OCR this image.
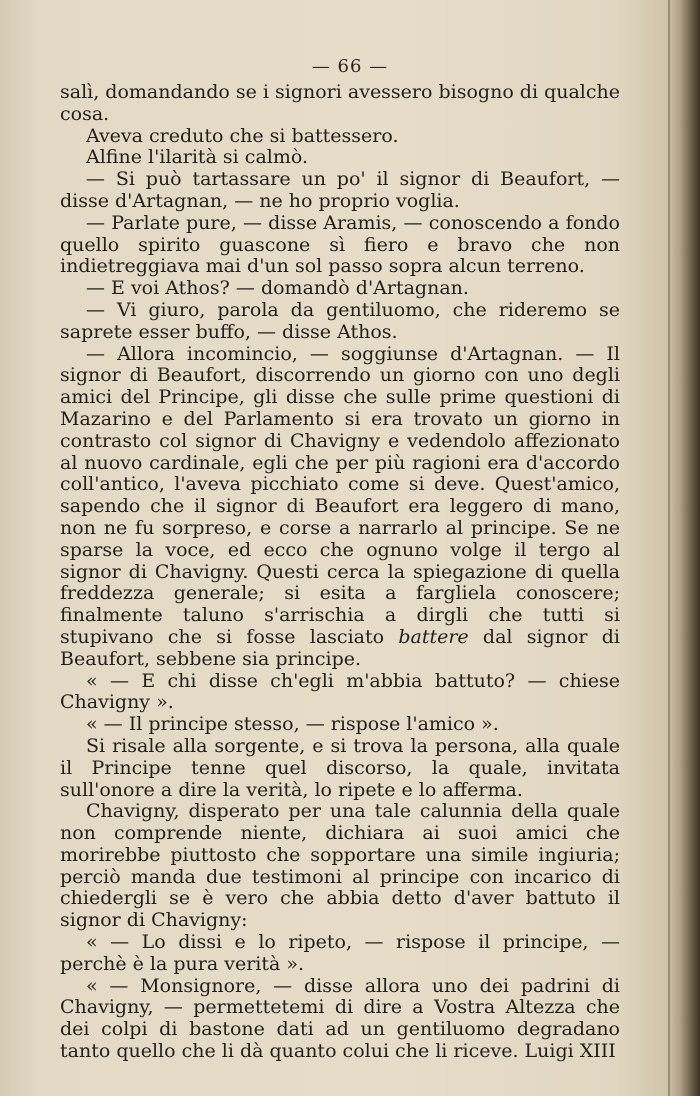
— 66 —

salì, domandando se i signori avessero bisogno di qualche cosa.

Aveva creduto che si battessero.

Alfine l'ilarità si calmò.

— Si può tartassare un po' il signor di Beaufort, — disse d'Artagnan, — ne ho proprio voglia.

— Parlate pure, — disse Aramis, — conoscendo a fondo quello spirito guascone sì fiero e bravo che non indietreggiava mai d'un sol passo sopra alcun terreno.

— E voi Athos? — domandò d'Artagnan.

— Vi giuro, parola da gentiluomo, che rideremo se saprete esser buffo, — disse Athos.

— Allora incomincio, — soggiunse d'Artagnan. — Il signor di Beaufort, discorrendo un giorno con uno degli amici del Principe, gli disse che sulle prime questioni di Mazarino e del Parlamento si era trovato un giorno in contrasto col signor di Chavigny e vedendolo affezionato al nuovo cardinale, egli che per più ragioni era d'accordo coll'antico, l'aveva picchiato come si deve. Quest'amico, sapendo che il signor di Beaufort era leggero di mano, non ne fu sorpreso, e corse a narrarlo al principe. Se ne sparse la voce, ed ecco che ognuno volge il tergo al signor di Chavigny. Questi cerca la spiegazione di quella freddezza generale; si esita a fargliela conoscere; finalmente taluno s'arrischia a dirgli che tutti si stupivano che si fosse lasciato battere dal signor di Beaufort, sebbene sia principe.

« — E chi disse ch'egli m'abbia battuto? — chiese Chavigny ».

« — Il principe stesso, — rispose l'amico ».

Si risale alla sorgente, e si trova la persona, alla quale il Principe tenne quel discorso, la quale, invitata sull'onore a dire la verità, lo ripete e lo afferma.

Chavigny, disperato per una tale calunnia della quale non comprende niente, dichiara ai suoi amici che morirebbe piuttosto che sopportare una simile ingiuria; perciò manda due testimoni al principe con incarico di chiedergli se è vero che abbia detto d'aver battuto il signor di Chavigny:

« — Lo dissi e lo ripeto, — rispose il principe, — perchè è la pura verità ».

« — Monsignore, — disse allora uno dei padrini di Chavigny, — permettetemi di dire a Vostra Altezza che dei colpi di bastone dati ad un gentiluomo degradano tanto quello che li dà quanto colui che li riceve. Luigi XIII
